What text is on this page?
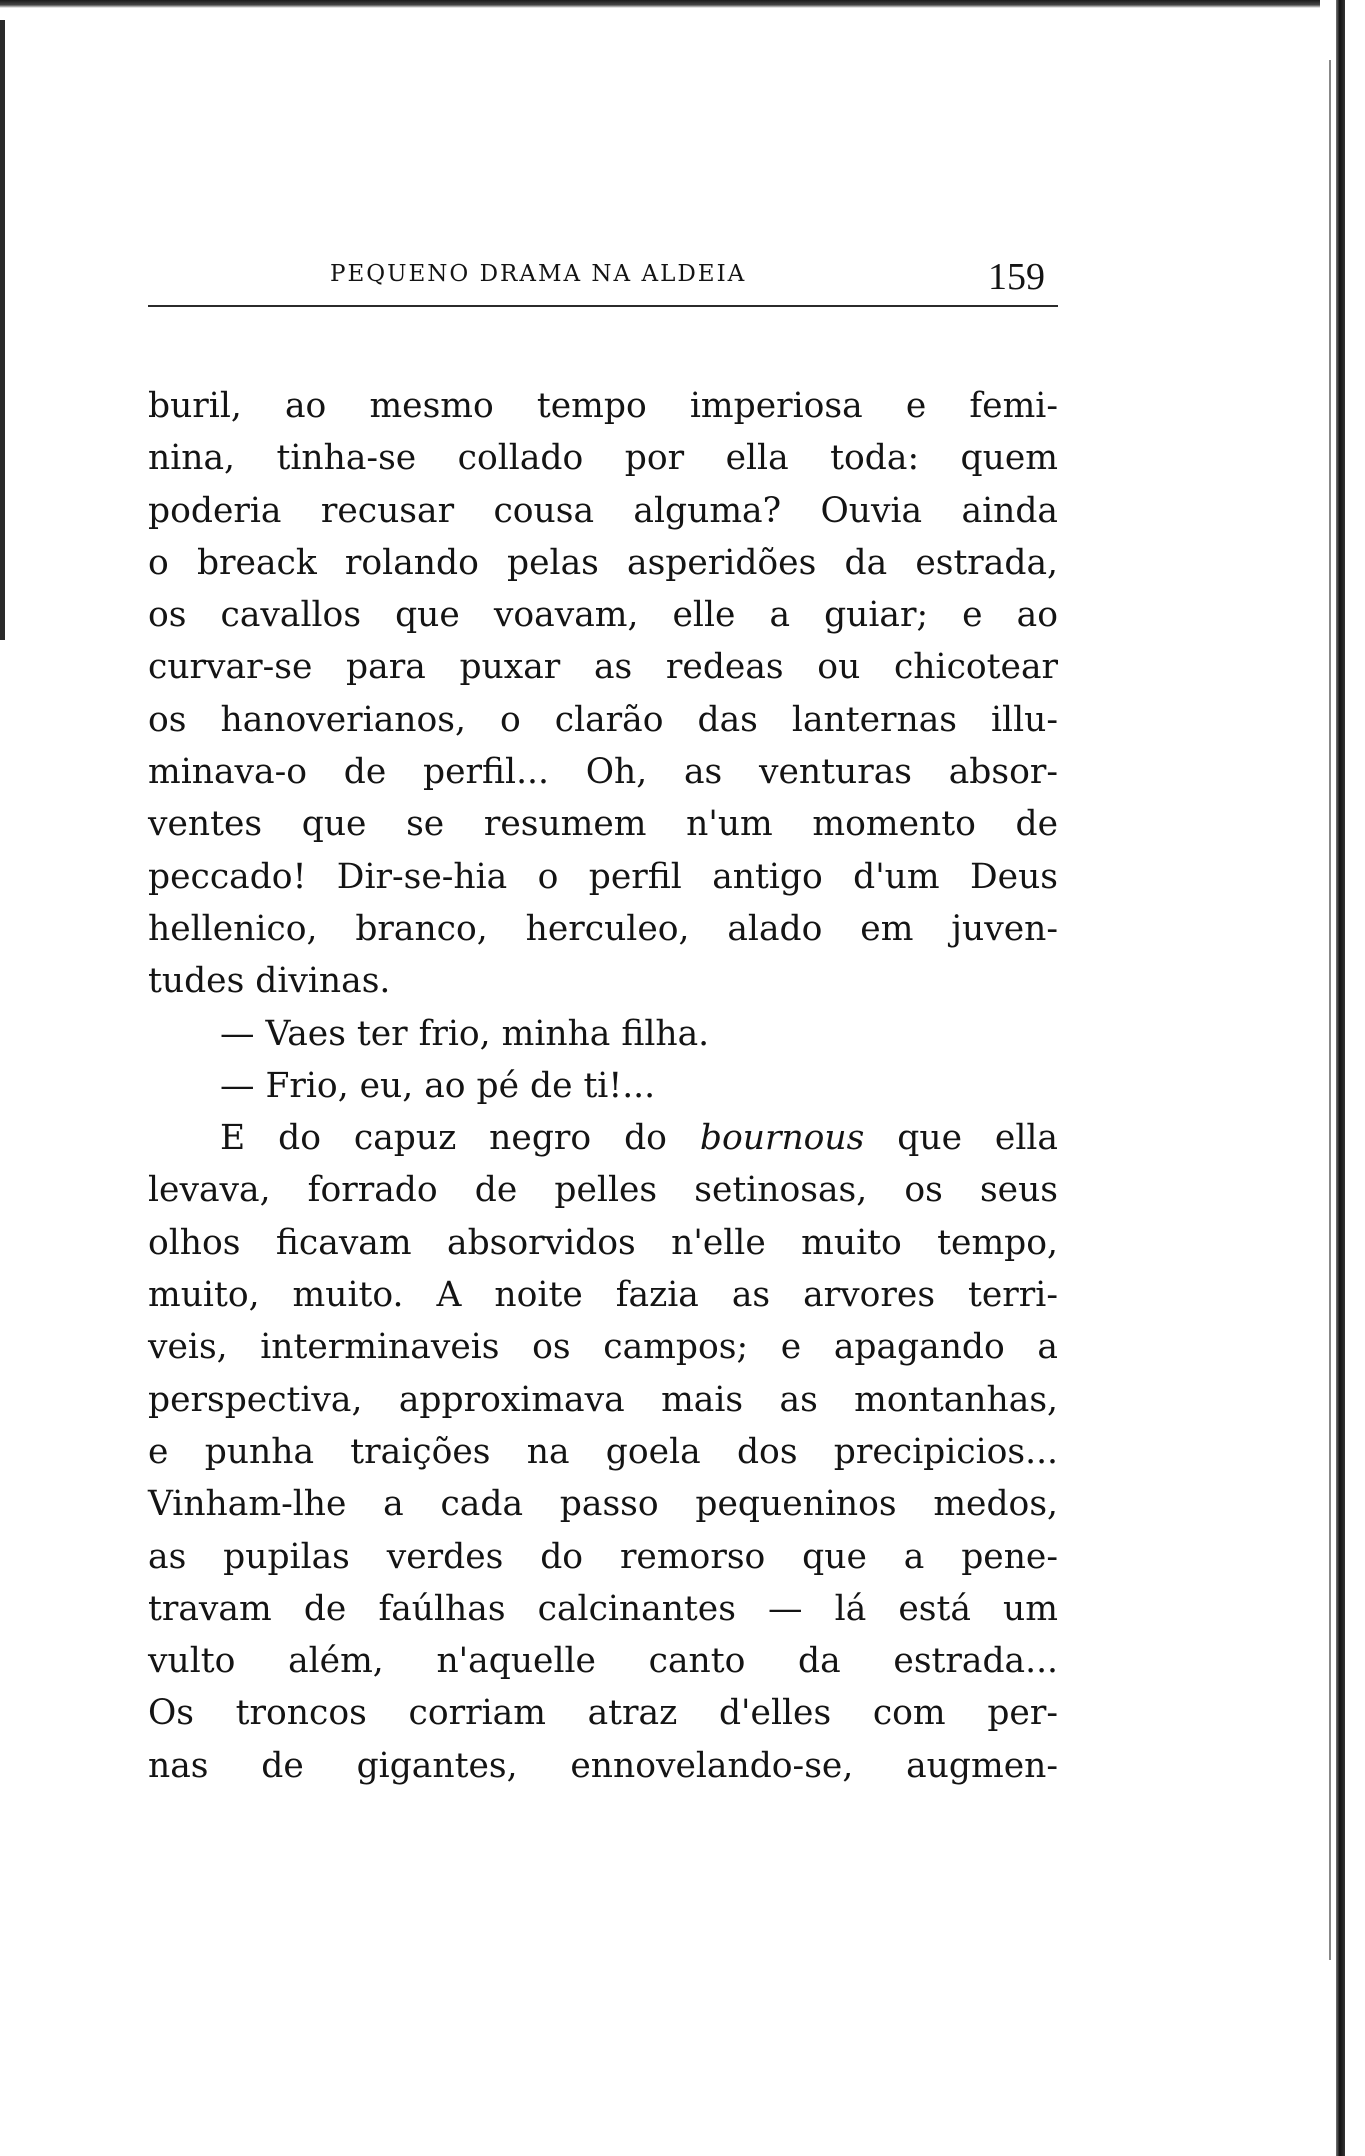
PEQUENO DRAMA NA ALDEIA	159
buril, ao mesmo tempo imperiosa e femi-
nina, tinha-se collado por ella toda: quem
poderia recusar cousa alguma? Ouvia ainda
o breack rolando pelas asperidões da estrada,
os cavallos que voavam, elle a guiar; e ao
curvar-se para puxar as redeas ou chicotear
os hanoverianos, o clarão das lanternas illu-
minava-o de perfil... Oh, as venturas absor-
ventes que se resumem n'um momento de
peccado! Dir-se-hia o perfil antigo d'um Deus
hellenico, branco, herculeo, alado em juven-
tudes divinas.
— Vaes ter frio, minha filha.
— Frio, eu, ao pé de ti!...
E do capuz negro do bournous que ella
levava, forrado de pelles setinosas, os seus
olhos ficavam absorvidos n'elle muito tempo,
muito, muito. A noite fazia as arvores terri-
veis, interminaveis os campos; e apagando a
perspectiva, approximava mais as montanhas,
e punha traições na goela dos precipicios...
Vinham-lhe a cada passo pequeninos medos,
as pupilas verdes do remorso que a pene-
travam de faúlhas calcinantes — lá está um
vulto além, n'aquelle canto da estrada...
Os troncos corriam atraz d'elles com per-
nas de gigantes, ennovelando-se, augmen-
